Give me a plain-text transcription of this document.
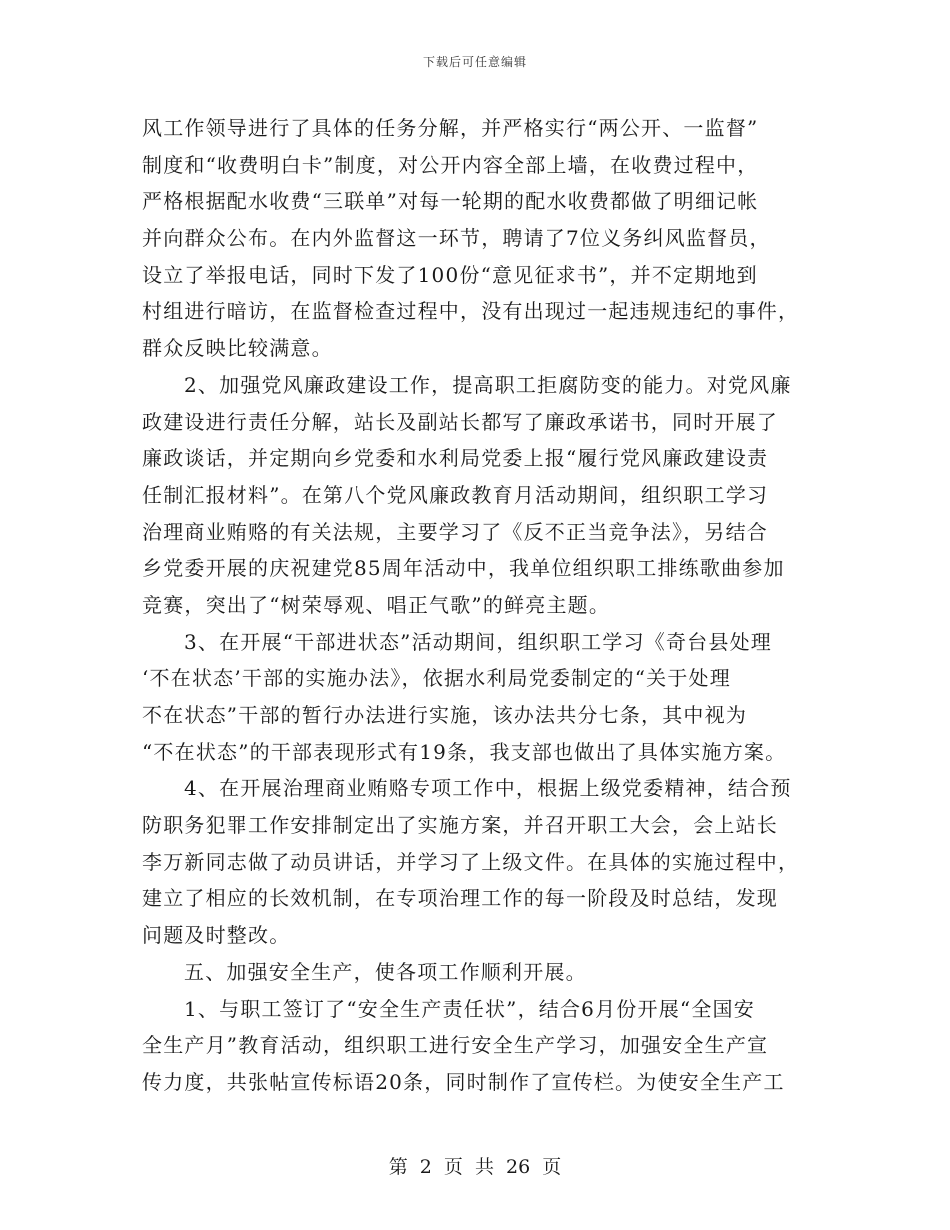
下载后可任意编辑
风工作领导进行了具体的任务分解，并严格实行“两公开、一监督”
制度和“收费明白卡”制度，对公开内容全部上墙，在收费过程中，
严格根据配水收费“三联单”对每一轮期的配水收费都做了明细记帐
并向群众公布。在内外监督这一环节，聘请了7位义务纠风监督员，
设立了举报电话，同时下发了100份“意见征求书”，并不定期地到
村组进行暗访，在监督检查过程中，没有出现过一起违规违纪的事件，
群众反映比较满意。
2、加强党风廉政建设工作，提高职工拒腐防变的能力。对党风廉
政建设进行责任分解，站长及副站长都写了廉政承诺书，同时开展了
廉政谈话，并定期向乡党委和水利局党委上报“履行党风廉政建设责
任制汇报材料”。在第八个党风廉政教育月活动期间，组织职工学习
治理商业贿赂的有关法规，主要学习了《反不正当竞争法》，另结合
乡党委开展的庆祝建党85周年活动中，我单位组织职工排练歌曲参加
竞赛，突出了“树荣辱观、唱正气歌”的鲜亮主题。
3、在开展“干部进状态”活动期间，组织职工学习《奇台县处理
‘不在状态’干部的实施办法》，依据水利局党委制定的“关于处理
不在状态”干部的暂行办法进行实施，该办法共分七条，其中视为
“不在状态”的干部表现形式有19条，我支部也做出了具体实施方案。
4、在开展治理商业贿赂专项工作中，根据上级党委精神，结合预
防职务犯罪工作安排制定出了实施方案，并召开职工大会，会上站长
李万新同志做了动员讲话，并学习了上级文件。在具体的实施过程中，
建立了相应的长效机制，在专项治理工作的每一阶段及时总结，发现
问题及时整改。
五、加强安全生产，使各项工作顺利开展。
1、与职工签订了“安全生产责任状”，结合6月份开展“全国安
全生产月”教育活动，组织职工进行安全生产学习，加强安全生产宣
传力度，共张帖宣传标语20条，同时制作了宣传栏。为使安全生产工
第 2 页 共 26 页
